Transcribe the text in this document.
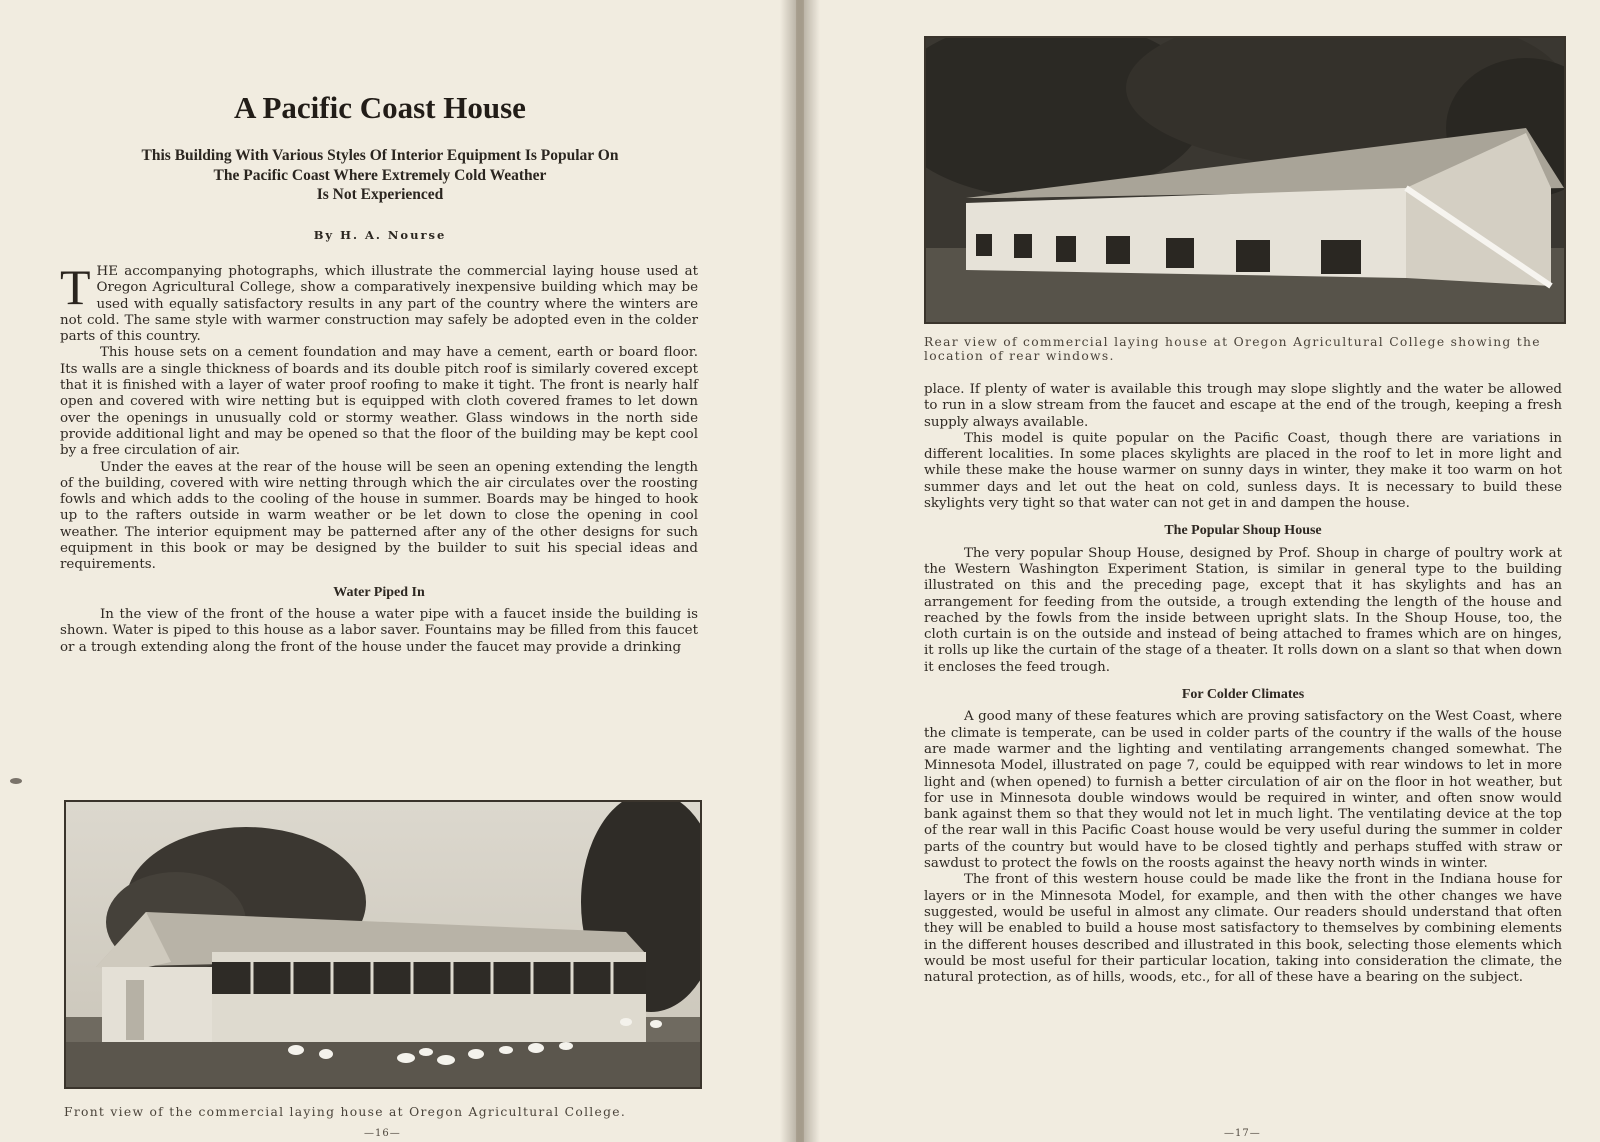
A Pacific Coast House
This Building With Various Styles Of Interior Equipment Is Popular On
The Pacific Coast Where Extremely Cold Weather
Is Not Experienced
By H. A. Nourse

THE accompanying photographs, which illustrate the commercial laying house used at Oregon Agricultural College, show a comparatively inexpensive building which may be used with equally satisfactory results in any part of the country where the winters are not cold. The same style with warmer construction may safely be adopted even in the colder parts of this country.

This house sets on a cement foundation and may have a cement, earth or board floor. Its walls are a single thickness of boards and its double pitch roof is similarly covered except that it is finished with a layer of water proof roofing to make it tight. The front is nearly half open and covered with wire netting but is equipped with cloth covered frames to let down over the openings in unusually cold or stormy weather. Glass windows in the north side provide additional light and may be opened so that the floor of the building may be kept cool by a free circulation of air.

Under the eaves at the rear of the house will be seen an opening extending the length of the building, covered with wire netting through which the air circulates over the roosting fowls and which adds to the cooling of the house in summer. Boards may be hinged to hook up to the rafters outside in warm weather or be let down to close the opening in cool weather. The interior equipment may be patterned after any of the other designs for such equipment in this book or may be designed by the builder to suit his special ideas and requirements.

Water Piped In

In the view of the front of the house a water pipe with a faucet inside the building is shown. Water is piped to this house as a labor saver. Fountains may be filled from this faucet or a trough extending along the front of the house under the faucet may provide a drinking

Front view of the commercial laying house at Oregon Agricultural College.
—16—
Rear view of commercial laying house at Oregon Agricultural College showing the location of rear windows.

place. If plenty of water is available this trough may slope slightly and the water be allowed to run in a slow stream from the faucet and escape at the end of the trough, keeping a fresh supply always available.

This model is quite popular on the Pacific Coast, though there are variations in different localities. In some places skylights are placed in the roof to let in more light and while these make the house warmer on sunny days in winter, they make it too warm on hot summer days and let out the heat on cold, sunless days. It is necessary to build these skylights very tight so that water can not get in and dampen the house.

The Popular Shoup House

The very popular Shoup House, designed by Prof. Shoup in charge of poultry work at the Western Washington Experiment Station, is similar in general type to the building illustrated on this and the preceding page, except that it has skylights and has an arrangement for feeding from the outside, a trough extending the length of the house and reached by the fowls from the inside between upright slats. In the Shoup House, too, the cloth curtain is on the outside and instead of being attached to frames which are on hinges, it rolls up like the curtain of the stage of a theater. It rolls down on a slant so that when down it encloses the feed trough.

For Colder Climates

A good many of these features which are proving satisfactory on the West Coast, where the climate is temperate, can be used in colder parts of the country if the walls of the house are made warmer and the lighting and ventilating arrangements changed somewhat. The Minnesota Model, illustrated on page 7, could be equipped with rear windows to let in more light and (when opened) to furnish a better circulation of air on the floor in hot weather, but for use in Minnesota double windows would be required in winter, and often snow would bank against them so that they would not let in much light. The ventilating device at the top of the rear wall in this Pacific Coast house would be very useful during the summer in colder parts of the country but would have to be closed tightly and perhaps stuffed with straw or sawdust to protect the fowls on the roosts against the heavy north winds in winter.

The front of this western house could be made like the front in the Indiana house for layers or in the Minnesota Model, for example, and then with the other changes we have suggested, would be useful in almost any climate. Our readers should understand that often they will be enabled to build a house most satisfactory to themselves by combining elements in the different houses described and illustrated in this book, selecting those elements which would be most useful for their particular location, taking into consideration the climate, the natural protection, as of hills, woods, etc., for all of these have a bearing on the subject.

—17—
